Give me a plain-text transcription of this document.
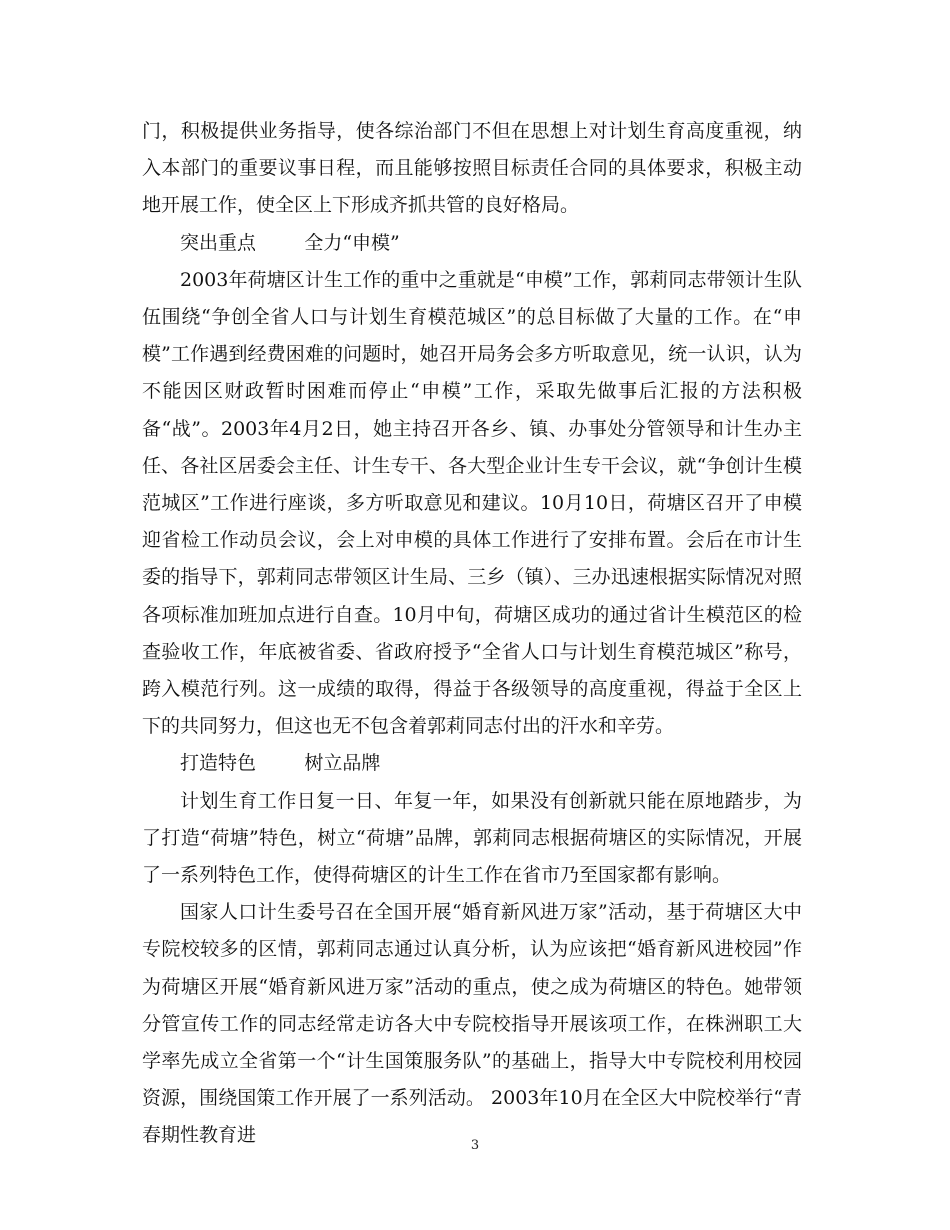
门，积极提供业务指导，使各综治部门不但在思想上对计划生育高度重视，纳入本部门的重要议事日程，而且能够按照目标责任合同的具体要求，积极主动地开展工作，使全区上下形成齐抓共管的良好格局。

突出重点        全力“申模”

2003年荷塘区计生工作的重中之重就是“申模”工作，郭莉同志带领计生队伍围绕“争创全省人口与计划生育模范城区”的总目标做了大量的工作。在“申模”工作遇到经费困难的问题时，她召开局务会多方听取意见，统一认识，认为不能因区财政暂时困难而停止“申模”工作，采取先做事后汇报的方法积极备“战”。2003年4月2日，她主持召开各乡、镇、办事处分管领导和计生办主任、各社区居委会主任、计生专干、各大型企业计生专干会议，就“争创计生模范城区”工作进行座谈，多方听取意见和建议。10月10日，荷塘区召开了申模迎省检工作动员会议，会上对申模的具体工作进行了安排布置。会后在市计生委的指导下，郭莉同志带领区计生局、三乡（镇）、三办迅速根据实际情况对照各项标准加班加点进行自查。10月中旬，荷塘区成功的通过省计生模范区的检查验收工作，年底被省委、省政府授予“全省人口与计划生育模范城区”称号，跨入模范行列。这一成绩的取得，得益于各级领导的高度重视，得益于全区上下的共同努力，但这也无不包含着郭莉同志付出的汗水和辛劳。

打造特色        树立品牌

计划生育工作日复一日、年复一年，如果没有创新就只能在原地踏步，为了打造“荷塘”特色，树立“荷塘”品牌，郭莉同志根据荷塘区的实际情况，开展了一系列特色工作，使得荷塘区的计生工作在省市乃至国家都有影响。

国家人口计生委号召在全国开展“婚育新风进万家”活动，基于荷塘区大中专院校较多的区情，郭莉同志通过认真分析，认为应该把“婚育新风进校园”作为荷塘区开展“婚育新风进万家”活动的重点，使之成为荷塘区的特色。她带领分管宣传工作的同志经常走访各大中专院校指导开展该项工作，在株洲职工大学率先成立全省第一个“计生国策服务队”的基础上，指导大中专院校利用校园资源，围绕国策工作开展了一系列活动。 2003年10月在全区大中院校举行“青春期性教育进	3
